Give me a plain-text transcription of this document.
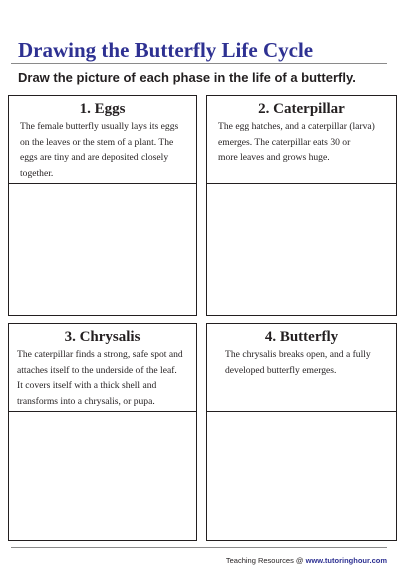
Drawing the Butterfly Life Cycle
Draw the picture of each phase in the life of a butterfly.
1. Eggs
The female butterfly usually lays its eggs
on the leaves or the stem of a plant. The
eggs are tiny and are deposited closely
together.
2. Caterpillar
The egg hatches, and a caterpillar (larva)
emerges. The caterpillar eats 30 or
more leaves and grows huge.
3. Chrysalis
The caterpillar finds a strong, safe spot and
attaches itself to the underside of the leaf.
It covers itself with a thick shell and
transforms into a chrysalis, or pupa.
4. Butterfly
The chrysalis breaks open, and a fully
developed butterfly emerges.
Teaching Resources @ www.tutoringhour.com
